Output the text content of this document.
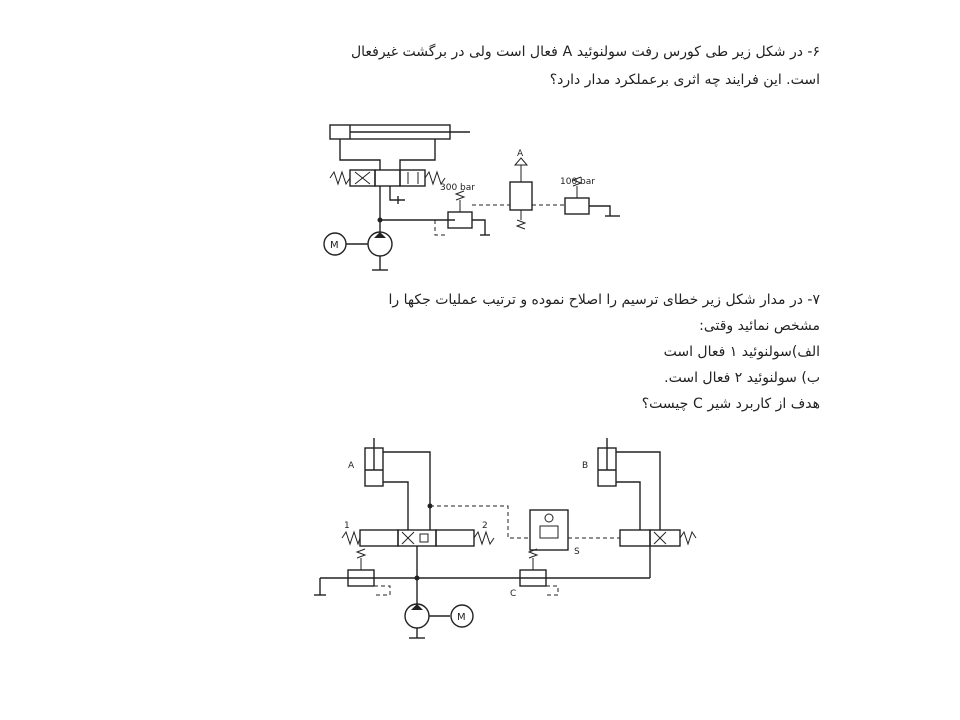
۶- در شکل زیر طی کورس رفت سولنوئید A فعال است ولی در برگشت غیرفعال
است. این فرایند چه اثری برعملکرد مدار دارد؟
300 bar
A
100 bar
M
۷- در مدار شکل زیر خطای ترسیم را اصلاح نموده و ترتیب عملیات جکها را
مشخص نمائید وقتی:
الف)سولنوئید ۱ فعال است
ب) سولنوئید ۲ فعال است.
هدف از کاربرد شیر C چیست؟
A	B
1	2
S
C
M
